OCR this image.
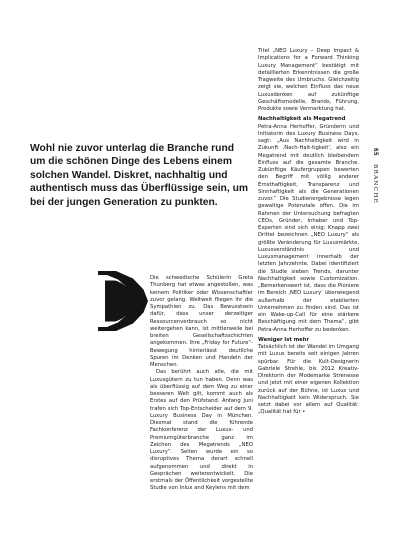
Wohl nie zuvor unterlag die Branche rund um die schönen Dinge des Lebens einem solchen Wandel. Diskret, nachhaltig und authentisch muss das Überflüssige sein, um bei der jungen Generation zu punkten.

Die schwedische Schülerin Greta Thunberg hat etwas angestoßen, was keinem Politiker oder Wissenschaftler zuvor gelang. Weltweit fliegen ihr die Sympathien zu. Das Bewusstsein dafür, dass unser derzeitiger Ressourcenverbrauch so nicht weitergehen kann, ist mittlerweile bei breiten Gesellschaftsschichten angekommen. Ihre „Friday for Future“-Bewegung hinterlässt deutliche Spuren im Denken und Handeln der Menschen.

Das berührt auch alle, die mit Luxusgütern zu tun haben. Denn was als überflüssig auf dem Weg zu einer besseren Welt gilt, kommt auch als Erstes auf den Prüfstand. Anfang Juni trafen sich Top-Entscheider auf dem 9. Luxury Business Day in München. Diesmal stand die führende Fachkonferenz der Luxus- und Premiumgüterbranche ganz im Zeichen des Megatrends „NEO Luxury“. Selten wurde ein so disruptives Thema derart schnell aufgenommen und direkt in Gesprächen weiterentwickelt. Die erstmals der Öffentlichkeit vorgestellte Studie von Inlux and Keylens mit dem

Titel „NEO Luxury – Deep Impact & Implications for a Forward Thinking Luxury Management“ bestätigt mit detaillierten Erkenntnissen die große Tragweite des Umbruchs. Gleichzeitig zeigt sie, welchen Einfluss das neue Luxusdenken auf zukünftige Geschäftsmodelle, Brands, Führung, Produkte sowie Vermarktung hat.

Nachhaltigkeit als Megatrend

Petra-Anna Herhoffer, Gründerin und Initiatorin des Luxury Business Days, sagt: „Aus Nachhaltigkeit wird in Zukunft ‚Nach-Halt-tigkeit‘, also ein Megatrend mit deutlich bleibendem Einfluss auf die gesamte Branche. Zukünftige Käufergruppen bewerten den Begriff mit völlig anderer Ernsthaftigkeit, Transparenz und Sinnhaftigkeit als die Generationen zuvor.“ Die Studienergebnisse legen gewaltige Potenziale offen. Die im Rahmen der Untersuchung befragten CEOs, Gründer, Inhaber und Top-Experten sind sich einig: Knapp zwei Drittel bezeichnen „NEO Luxury“ als größte Veränderung für Luxusmärkte, Luxusverständnis und Luxusmanagement innerhalb der letzten Jahrzehnte. Dabei identifiziert die Studie sieben Trends, darunter Nachhaltigkeit sowie Customization. „Bemerkenswert ist, dass die Pioniere im Bereich ‚NEO Luxury‘ überwiegend außerhalb der etablierten Unternehmen zu finden sind. Das ist ein Wake-up-Call für eine stärkere Beschäftigung mit dem Thema“, gibt Petra-Anna Herhoffer zu bedenken.

Weniger ist mehr

Tatsächlich ist der Wandel im Umgang mit Luxus bereits seit einigen Jahren spürbar. Für die Kult-Designerin Gabriele Strehle, bis 2012 Kreativ-Direktorin der Modemarke Strenesse und jetzt mit einer eigenen Kollektion zurück auf der Bühne, ist Luxus und Nachhaltigkeit kein Widerspruch. Sie setzt dabei vor allem auf Qualität: „Qualität hat für •

65 BRANCHE
